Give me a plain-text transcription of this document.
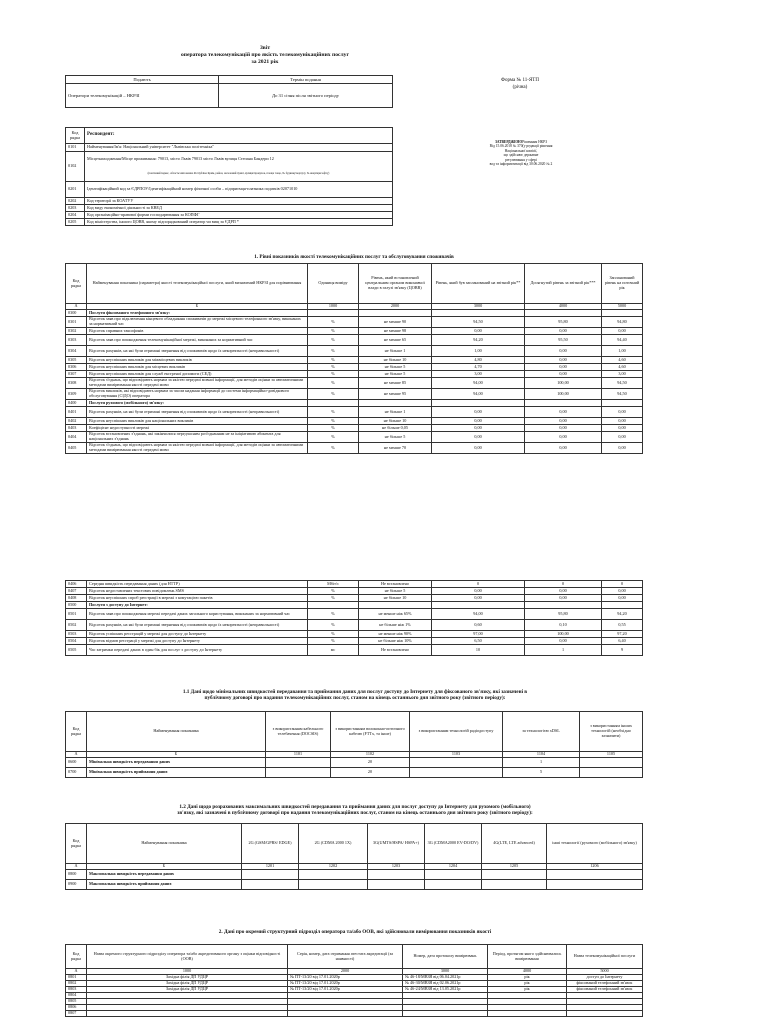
Звіт
оператора телекомунікацій про якість телекомунікаційних послуг
за 2021 рік
Подають	Термін подання
Оператори телекомунікацій – НКРЗІ	До 31 січня після звітного періоду
Форма № 11-ЯТП
(річна)
ЗАТВЕРДЖЕНОРішенням НКРЗ
Від 15.06.2018 № 370(у редакції рішення
Національної комісії,
що здійснює державне
регулювання у сфері
вод та інформатизації від 30.06.2020 № 2
Код рядка	Респондент:
0101	Найменування/Ім'я: Національний університет "Львівська політехніка"
0102	Місцезнаходження/Місце проживання: 79013, місто Львів 79013 місто Львів вулиця Степана Бандери 12
(поштовий індекс, область/Автономна Республіка Крим, район, населений пункт, вулиця/провулок, площа тощо, № будинку/корпусу, № квартири/офісу)

0201	Ідентифікаційний код за ЄДРПОУ/Ідентифікаційний номер фізичної особи – підприємця-платника податків 02071010
0202	Код території за КОАТУУ
0203	Код виду економічної діяльності за КВЕД
0204	Код організаційно-правової форми господарювання за КОПФГ
0205	Код міністерства, іншого ЦОВВ, якому підпорядкований оператор чи вищ за ЄДРП *
1. Рівні показників якості телекомунікаційних послуг та обслуговування споживачів
Код рядка	Найменування показника (параметра) якості телекомунікаційної послуги, який визначений НКРЗІ для порівнювання	Одиниця виміру	Рівень, який встановлений центральним органом виконавчої влади в галузі зв'язку (ЦОВВ)	Рівень, який був запланований на звітний рік**	Досягнутий рівень за звітний рік***	Запланований рівень на поточний рік
А	Б	1000	2000	3000	4000	5000
0300	Послуги фіксованого телефонного зв'язку:					
0301	Відсоток заяв про підключення кінцевого обладнання споживачів до мережі місцевого телефонного зв'язку, виконаних за нормативний час	%	не менше 90	94,50	95,80	94,80
0302	Відсоток справних таксофонів	%	не менше 98	0,00	0,00	0,00
0303	Відсоток заяв про пошкодження телекомунікаційної мережі, виконаних за нормативний час	%	не менше 65	94,20	95,50	94,40
0304	Відсоток рахунків, на які були отримані звернення від споживачів щодо їх некоректності (неправильності)	%	не більше 1	1,00	0,00	1,00
0305	Відсоток неуспішних викликів для міжмісцевих викликів	%	не більше 10	4,80	0,00	4,60
0306	Відсоток неуспішних викликів для місцевих викликів	%	не більше 5	4,70	0,00	4,60
0307	Відсоток неуспішних викликів для служб екстреної допомоги (СЕД)	%	не більше 5	3,00	0,00	3,00
0308	Відсоток з'єднань, що відповідають нормам за якістю передачі мовної інформації, для методів оцінки за автоматичними методами вимірювання якості передачі мови	%	не менше 85	94,00	100,00	94,50
0309	Відсоток викликів, які відповідають нормам за часом надання інформації до системи інформаційно-довідкового обслуговування (СІДО) оператора	%	не менше 95	94,00	100,00	94,50
0400	Послуги рухомого (мобільного) зв'язку:					
0401	Відсоток рахунків, на які були отримані звернення від споживачів щодо їх некоректності (неправильності)	%	не більше 1	0,00	0,00	0,00
0402	Відсоток неуспішних викликів для національних викликів	%	не більше 10	0,00	0,00	0,00
0403	Коефіцієнт недоступності мережі	%	не більше 0,05	0,00	0,00	0,00
0404	Відсоток встановлених з'єднань, які закінчилися передчасним роз'єднанням не за ініціативою абонента для національних з'єднань	%	не більше 5	0,00	0,00	0,00
0405	Відсоток з'єднань, що відповідають нормам за якістю передачі мовної інформації, для методів оцінки за автоматичними методами вимірювання якості передачі мови	%	не менше 70	0,00	0,00	0,00
0406	Середня швидкість передавання даних (для HTTP)	Мбіт/с	Не встановлено	0	0	0
0407	Відсоток недоставлених текстових повідомлень SMS	%	не більше 5	0,00	0,00	0,00
0408	Відсоток неуспішних спроб реєстрації в мережі з комутацією пакетів	%	не більше 10	0,00	0,00	0,00
0500	Послуги з доступу до Інтернет:					
0501	Відсоток заяв про пошкодження мережі передачі даних загального користування, виконаних за нормативний час	%	не менше ніж 65%	94,00	95,80	94,20
0502	Відсоток рахунків, на які були отримані звернення від споживачів щодо їх некоректності (неправильності)	%	не більше ніж 1%	0,60	0,10	0,55
0503	Відсоток успішних реєстрацій у мережі для доступу до Інтернету	%	не менше ніж 90%	97,00	100,00	97,20
0504	Відсоток відмов реєстрації у мережі для доступу до Інтернету	%	не більше ніж 10%	6,50	0,00	6,40
0505	Час затримки передачі даних в один бік для послуг з доступу до Інтернету	мс	Не встановлено	10	1	9
1.1 Дані щодо мінімальних швидкостей передавання та приймання даних для послуг доступу до Інтернету для фіксованого зв'язку, які зазначені в
публічному договорі про надання телекомунікаційних послуг, станом на кінець останнього дня звітного року (звітного періоду):
Код рядка	Найменування показника	з використанням кабельного телебачення (DOCSIS)	з використанням волоконно-оптичного кабелю (FTTx, та інше)	з використанням технологій радіодоступу	за технологією xDSL	з використанням інших технологій (необхідно зазначити)
А	Б	1101	1102	1103	1104	1105
0600	Мінімальна швидкість передавання даних		20		1	
0700	Мінімальна швидкість приймання даних		20		5	
1.2 Дані щодо розрахованих максимальних швидкостей передавання та приймання даних для послуг доступу до Інтернету для рухомого (мобільного)
зв'язку, які зазначені в публічному договорі про надання телекомунікаційних послуг, станом на кінець останнього дня звітного року (звітного періоду):
Код рядка	Найменування показника	2G (GSM/GPRS/ EDGE)	2G (CDMA 2000 1X)	3G(UMTS/HSPA/ HSPA+)	3G (CDMA2000 EV-DO/DV)	4G(LTE, LTE advanced)	інші технології (рухомого (мобільного) зв'язку)
А	Б	1201	1202	1203	1204	1205	1206
0800	Максимальна швидкість передавання даних						
0900	Максимальна швидкість приймання даних						
2. Дані про окремий структурний підрозділ оператора та/або ООВ, які здійснювали вимірювання показників якості
Код рядка	Назва окремого структурного підрозділу оператора та/або акредитованого органу з оцінки відповідності (ООВ)	Серія, номер, дата отримання атестата акредитації (за наявності)	Номер, дата протоколу вимірювань	Період, протягом якого здійснювались вимірювання	Назва телекомунікаційної послуги
А	1000	2000	3000	4000	5000
0801	Західна філія ДП УДЦР	№ ПТ-13/20 від 17.01.2020р	№ 46-18/МВЗЯ від 06.04.2021р	рік	доступ до Інтернету
0802	Західна філія ДП УДЦР	№ ПТ-13/20 від 17.01.2020р	№ 46-30/МВЗЯ від 02.06.2021р	рік	фіксований телефонний зв'язок
0803	Західна філія ДП УДЦР	№ ПТ-13/20 від 17.01.2020р	№ 46-24/МВЗЯ від 13.05.2021р	рік	фіксований телефонний зв'язок
0804					
0805					
0806					
0807					
